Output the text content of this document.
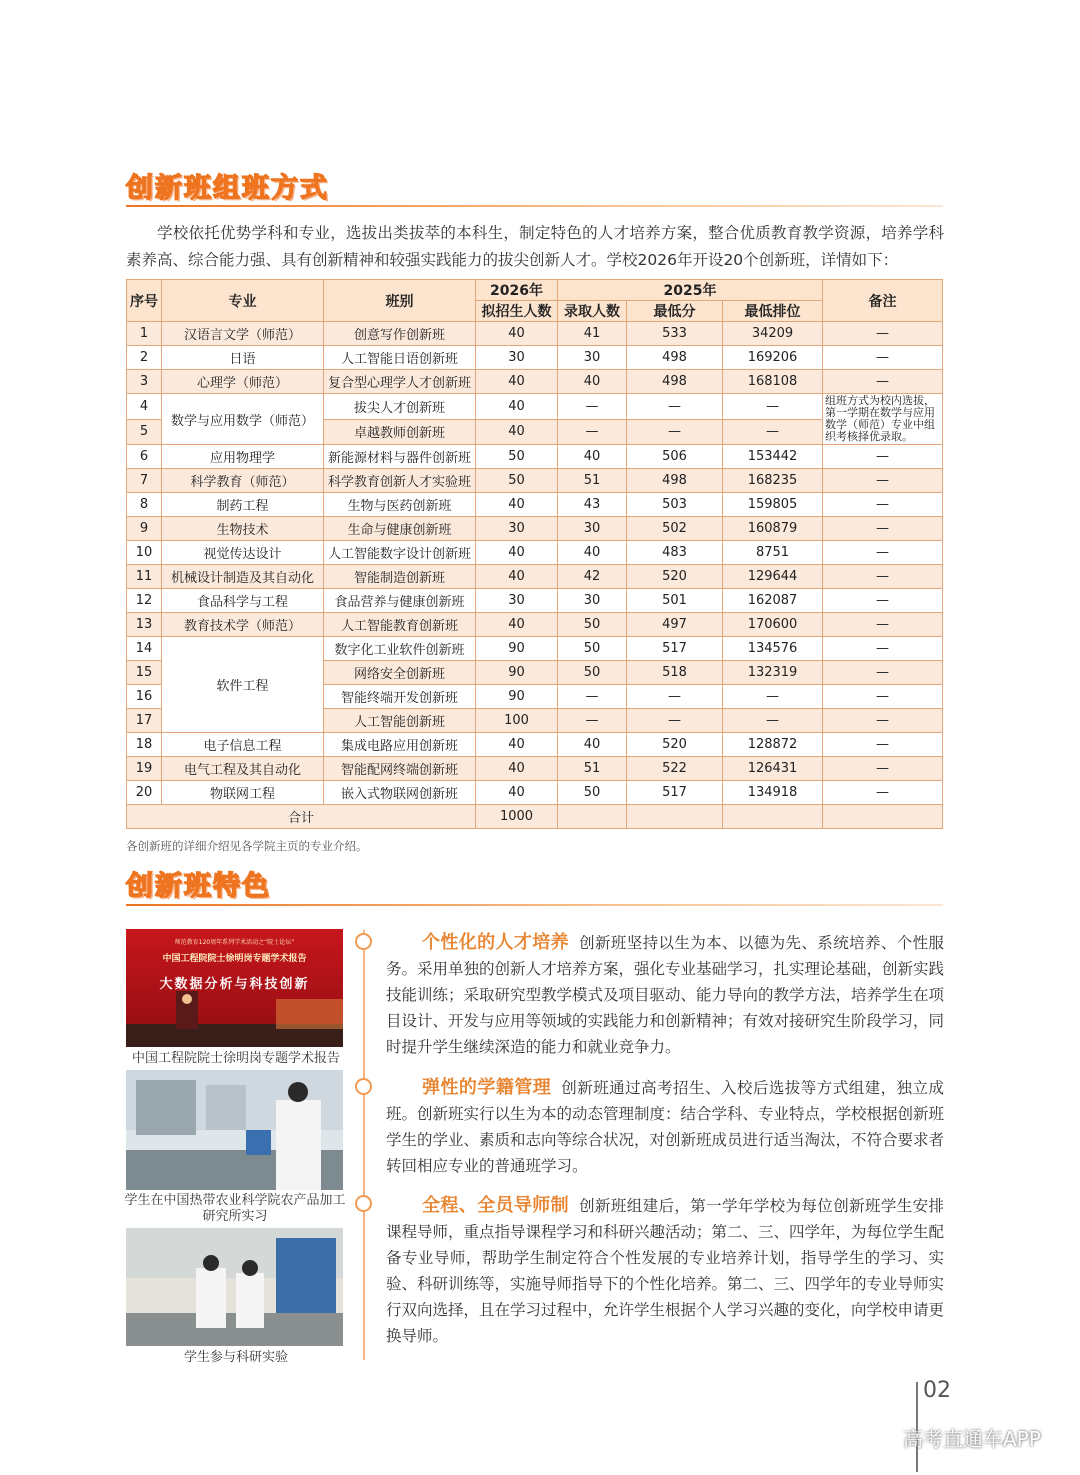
创新班组班方式
学校依托优势学科和专业，选拔出类拔萃的本科生，制定特色的人才培养方案，整合优质教育教学资源，培养学科素养高、综合能力强、具有创新精神和较强实践能力的拔尖创新人才。学校2026年开设20个创新班，详情如下：
序号	专业	班别	2026年	2025年			备注
			拟招生人数	录取人数	最低分	最低排位	
1	汉语言文学（师范）	创意写作创新班	40	41	533	34209	—
2	日语	人工智能日语创新班	30	30	498	169206	—
3	心理学（师范）	复合型心理学人才创新班	40	40	498	168108	—
4	数学与应用数学（师范）	拔尖人才创新班	40	—	—	—	组班方式为校内选拔，第一学期在数学与应用数学（师范）专业中组织考核择优录取。
5		卓越教师创新班	40	—	—	—	
6	应用物理学	新能源材料与器件创新班	50	40	506	153442	—
7	科学教育（师范）	科学教育创新人才实验班	50	51	498	168235	—
8	制药工程	生物与医药创新班	40	43	503	159805	—
9	生物技术	生命与健康创新班	30	30	502	160879	—
10	视觉传达设计	人工智能数字设计创新班	40	40	483	8751	—
11	机械设计制造及其自动化	智能制造创新班	40	42	520	129644	—
12	食品科学与工程	食品营养与健康创新班	30	30	501	162087	—
13	教育技术学（师范）	人工智能教育创新班	40	50	497	170600	—
14	软件工程	数字化工业软件创新班	90	50	517	134576	—
15		网络安全创新班	90	50	518	132319	—
16		智能终端开发创新班	90	—	—	—	—
17		人工智能创新班	100	—	—	—	—
18	电子信息工程	集成电路应用创新班	40	40	520	128872	—
19	电气工程及其自动化	智能配网终端创新班	40	51	522	126431	—
20	物联网工程	嵌入式物联网创新班	40	50	517	134918	—
合计			1000				
各创新班的详细介绍见各学院主页的专业介绍。
创新班特色
师范教育120周年系列学术活动之“院士论坛”
中国工程院院士徐明岗专题学术报告
大数据分析与科技创新
中国工程院院士徐明岗专题学术报告
学生在中国热带农业科学院农产品加工研究所实习
学生参与科研实验
个性化的人才培养 创新班坚持以生为本、以德为先、系统培养、个性服务。采用单独的创新人才培养方案，强化专业基础学习，扎实理论基础，创新实践技能训练；采取研究型教学模式及项目驱动、能力导向的教学方法，培养学生在项目设计、开发与应用等领域的实践能力和创新精神；有效对接研究生阶段学习，同时提升学生继续深造的能力和就业竞争力。
弹性的学籍管理 创新班通过高考招生、入校后选拔等方式组建，独立成班。创新班实行以生为本的动态管理制度：结合学科、专业特点，学校根据创新班学生的学业、素质和志向等综合状况，对创新班成员进行适当淘汰，不符合要求者转回相应专业的普通班学习。
全程、全员导师制 创新班组建后，第一学年学校为每位创新班学生安排课程导师，重点指导课程学习和科研兴趣活动；第二、三、四学年，为每位学生配备专业导师，帮助学生制定符合个性发展的专业培养计划，指导学生的学习、实验、科研训练等，实施导师指导下的个性化培养。第二、三、四学年的专业导师实行双向选择，且在学习过程中，允许学生根据个人学习兴趣的变化，向学校申请更换导师。
02
高考直通车APP
